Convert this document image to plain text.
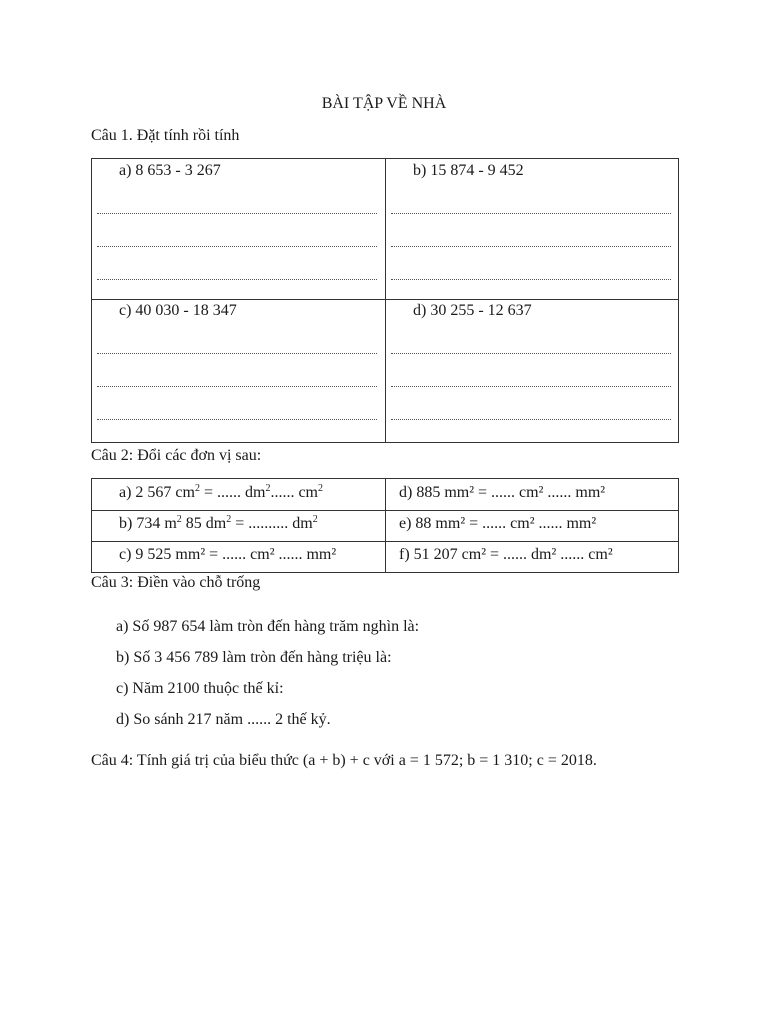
BÀI TẬP VỀ NHÀ
Câu 1. Đặt tính rồi tính
a) 8 653 - 3 267	b) 15 874 - 9 452
c) 40 030 - 18 347	d) 30 255 - 12 637
Câu 2: Đổi các đơn vị sau:
a) 2 567 $cm^2$ = ...... $dm^2$...... $cm^2$	d) 885 mm² = ...... cm² ...... mm²
b) 734 $m^2$ 85 $dm^2$ = .......... $dm^2$	e) 88 mm² = ...... cm² ...... mm²
c) 9 525 mm² = ...... cm² ...... mm²	f) 51 207 cm² = ...... dm² ...... cm²
Câu 3: Điền vào chỗ trống
a) Số 987 654 làm tròn đến hàng trăm nghìn là:
b) Số 3 456 789 làm tròn đến hàng triệu là:
c) Năm 2100 thuộc thế kỉ:
d) So sánh 217 năm ...... 2 thế kỷ.
Câu 4: Tính giá trị của biểu thức (a + b) + c với a = 1 572; b = 1 310; c = 2018.
